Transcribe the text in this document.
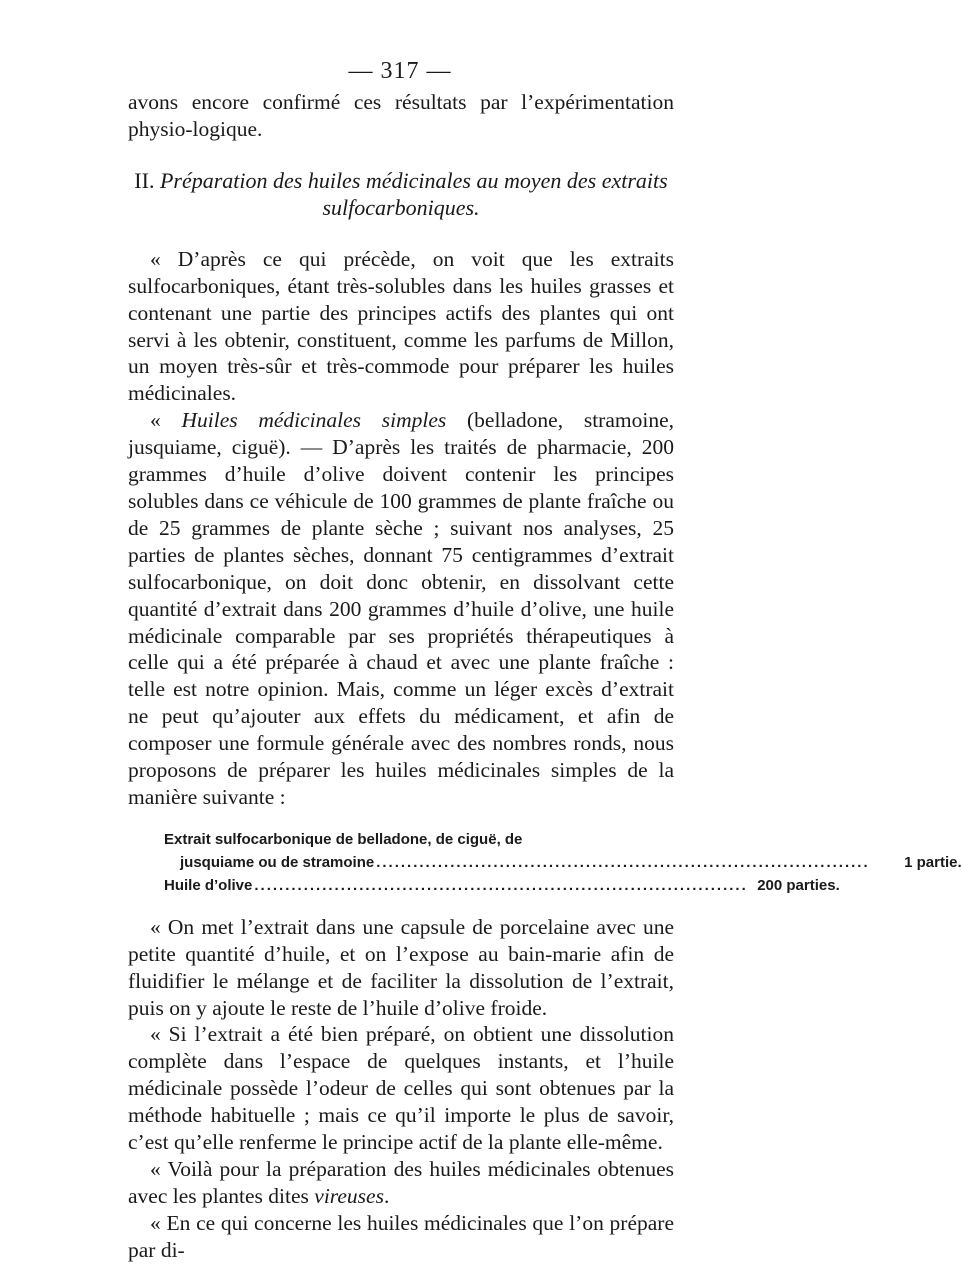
— 317 —

avons encore confirmé ces résultats par l’expérimentation physio-logique.

II. Préparation des huiles médicinales au moyen des extraits sulfocarboniques.

« D’après ce qui précède, on voit que les extraits sulfocarboniques, étant très-solubles dans les huiles grasses et contenant une partie des principes actifs des plantes qui ont servi à les obtenir, constituent, comme les parfums de Millon, un moyen très-sûr et très-commode pour préparer les huiles médicinales.

« Huiles médicinales simples (belladone, stramoine, jusquiame, ciguë). — D’après les traités de pharmacie, 200 grammes d’huile d’olive doivent contenir les principes solubles dans ce véhicule de 100 grammes de plante fraîche ou de 25 grammes de plante sèche ; suivant nos analyses, 25 parties de plantes sèches, donnant 75 centigrammes d’extrait sulfocarbonique, on doit donc obtenir, en dissolvant cette quantité d’extrait dans 200 grammes d’huile d’olive, une huile médicinale comparable par ses propriétés thérapeutiques à celle qui a été préparée à chaud et avec une plante fraîche : telle est notre opinion. Mais, comme un léger excès d’extrait ne peut qu’ajouter aux effets du médicament, et afin de composer une formule générale avec des nombres ronds, nous proposons de préparer les huiles médicinales simples de la manière suivante :

Extrait sulfocarbonique de belladone, de ciguë, de
jusquiame ou de stramoine ................................................................................	1 partie.
Huile d’olive ................................................................................ 200 parties.

« On met l’extrait dans une capsule de porcelaine avec une petite quantité d’huile, et on l’expose au bain-marie afin de fluidifier le mélange et de faciliter la dissolution de l’extrait, puis on y ajoute le reste de l’huile d’olive froide.

« Si l’extrait a été bien préparé, on obtient une dissolution complète dans l’espace de quelques instants, et l’huile médicinale possède l’odeur de celles qui sont obtenues par la méthode habituelle ; mais ce qu’il importe le plus de savoir, c’est qu’elle renferme le principe actif de la plante elle-même.

« Voilà pour la préparation des huiles médicinales obtenues avec les plantes dites vireuses.

« En ce qui concerne les huiles médicinales que l’on prépare par di-
